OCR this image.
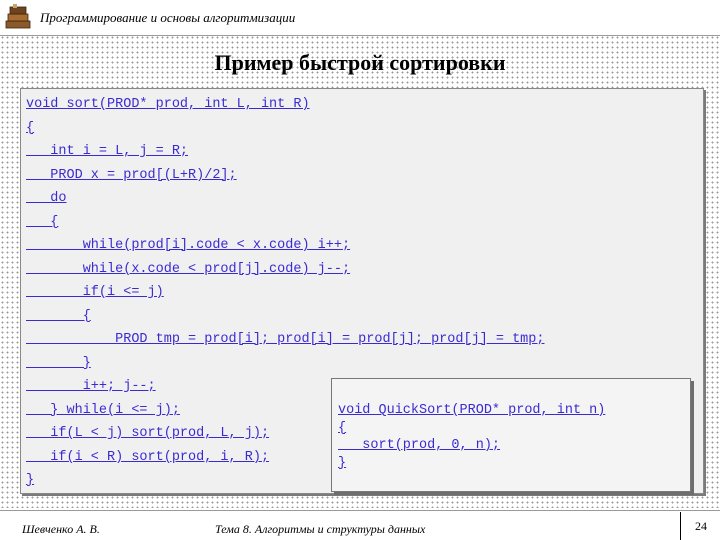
Программирование и основы алгоритмизации
Пример быстрой сортировки
void sort(PROD* prod, int L, int R)
{
int i = L, j = R;
PROD x = prod[(L+R)/2];
do
{
while(prod[i].code < x.code) i++;
while(x.code < prod[j].code) j--;
if(i <= j)
{
PROD tmp = prod[i]; prod[i] = prod[j]; prod[j] = tmp;
}
i++; j--;
} while(i <= j);
if(L < j) sort(prod, L, j);
if(i < R) sort(prod, i, R);
}
void QuickSort(PROD* prod, int n)
{
sort(prod, 0, n);
}
Шевченко А. В.	Тема 8. Алгоритмы и структуры данных	24
